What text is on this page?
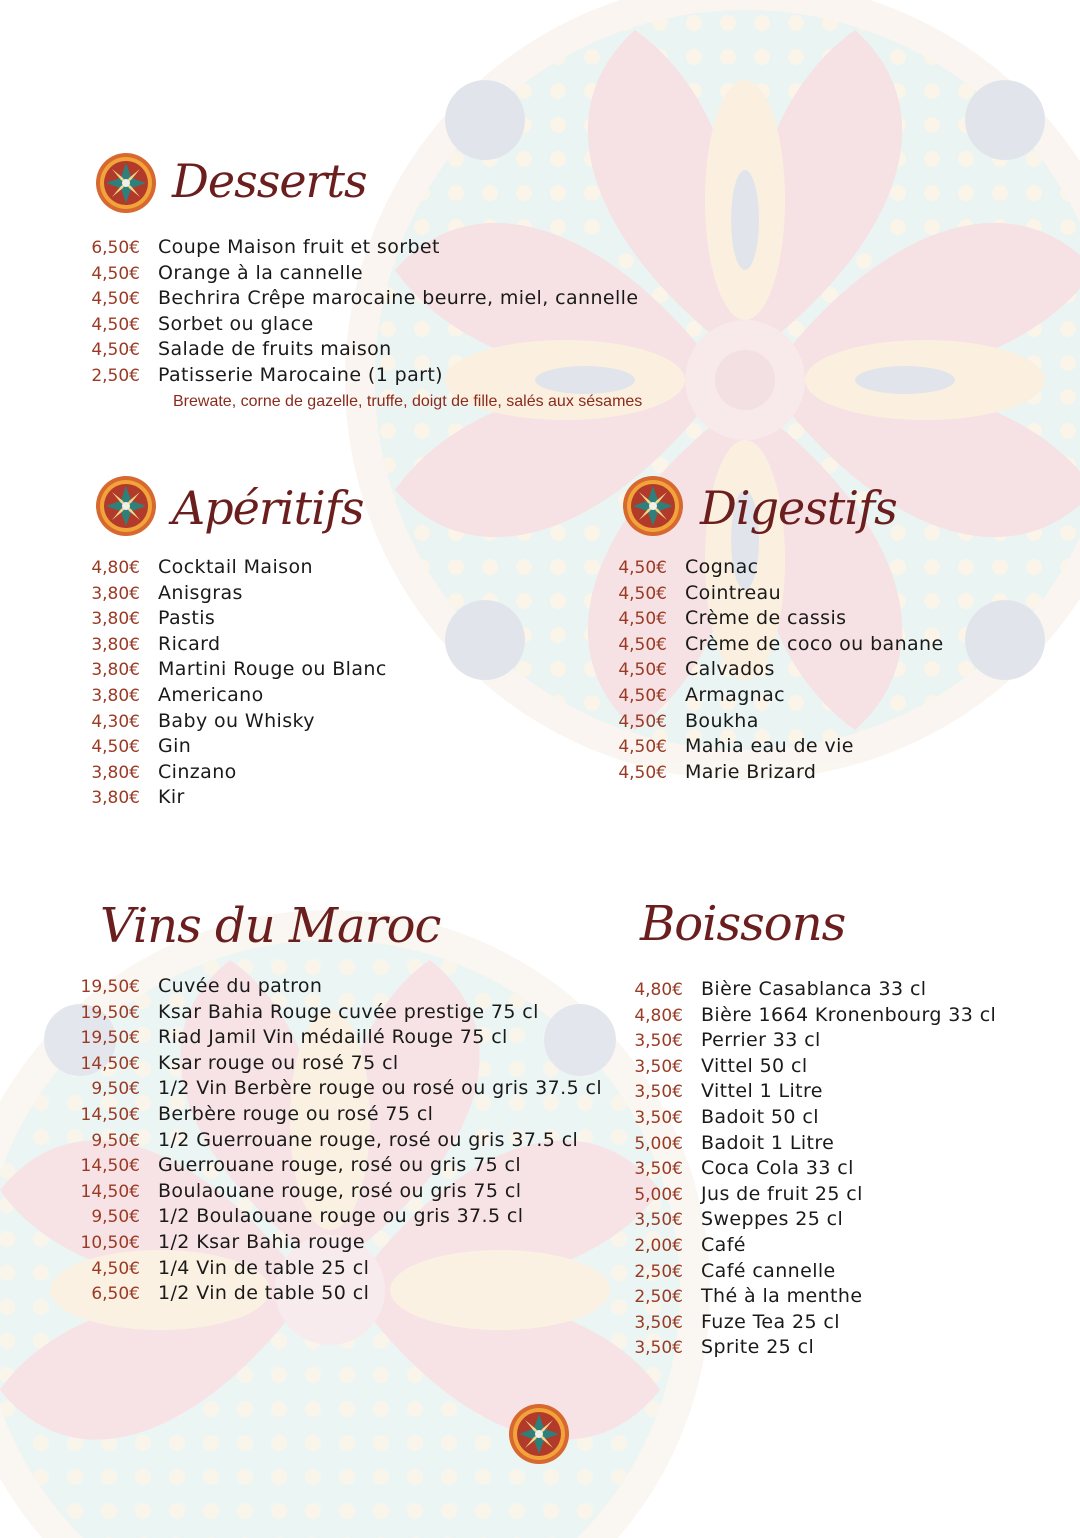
Desserts
6,50€ Coupe Maison fruit et sorbet
4,50€ Orange à la cannelle
4,50€ Bechrira Crêpe marocaine beurre, miel, cannelle
4,50€ Sorbet ou glace
4,50€ Salade de fruits maison
2,50€ Patisserie Marocaine (1 part)
Brewate, corne de gazelle, truffe, doigt de fille, salés aux sésames
Apéritifs
4,80€ Cocktail Maison
3,80€ Anisgras
3,80€ Pastis
3,80€ Ricard
3,80€ Martini Rouge ou Blanc
3,80€ Americano
4,30€ Baby ou Whisky
4,50€ Gin
3,80€ Cinzano
3,80€ Kir
Digestifs
4,50€ Cognac
4,50€ Cointreau
4,50€ Crème de cassis
4,50€ Crème de coco ou banane
4,50€ Calvados
4,50€ Armagnac
4,50€ Boukha
4,50€ Mahia eau de vie
4,50€ Marie Brizard
Vins du Maroc
19,50€ Cuvée du patron
19,50€ Ksar Bahia Rouge cuvée prestige 75 cl
19,50€ Riad Jamil Vin médaillé Rouge 75 cl
14,50€ Ksar rouge ou rosé 75 cl
9,50€ 1/2 Vin Berbère rouge ou rosé ou gris 37.5 cl
14,50€ Berbère rouge ou rosé 75 cl
9,50€ 1/2 Guerrouane rouge, rosé ou gris 37.5 cl
14,50€ Guerrouane rouge, rosé ou gris 75 cl
14,50€ Boulaouane rouge, rosé ou gris 75 cl
9,50€ 1/2 Boulaouane rouge ou gris 37.5 cl
10,50€ 1/2 Ksar Bahia rouge
4,50€ 1/4 Vin de table 25 cl
6,50€ 1/2 Vin de table 50 cl
Boissons
4,80€ Bière Casablanca 33 cl
4,80€ Bière 1664 Kronenbourg 33 cl
3,50€ Perrier 33 cl
3,50€ Vittel 50 cl
3,50€ Vittel 1 Litre
3,50€ Badoit 50 cl
5,00€ Badoit 1 Litre
3,50€ Coca Cola 33 cl
5,00€ Jus de fruit 25 cl
3,50€ Sweppes 25 cl
2,00€ Café
2,50€ Café cannelle
2,50€ Thé à la menthe
3,50€ Fuze Tea 25 cl
3,50€ Sprite 25 cl
